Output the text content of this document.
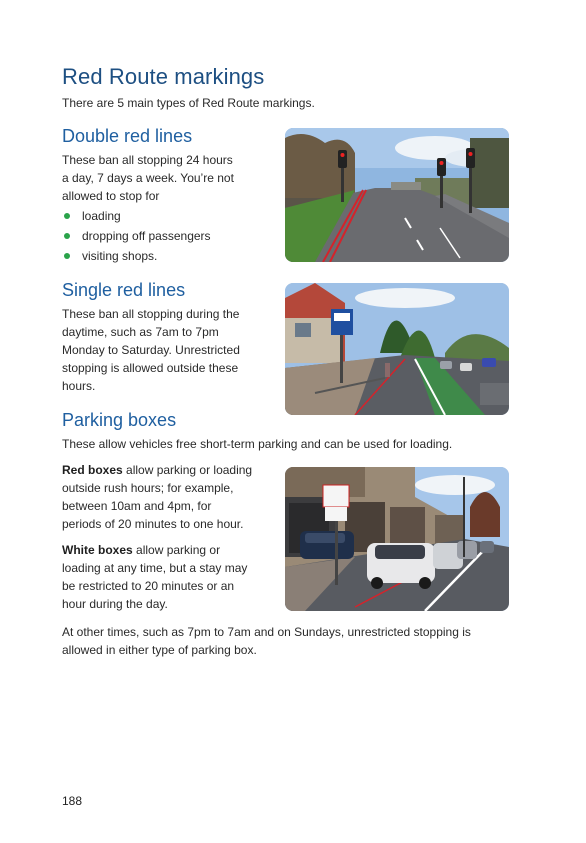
Red Route markings

There are 5 main types of Red Route markings.

Double red lines

These ban all stopping 24 hours
a day, 7 days a week. You’re not
allowed to stop for

loading
dropping off passengers
visiting shops.
Single red lines

These ban all stopping during the
daytime, such as 7am to 7pm
Monday to Saturday. Unrestricted
stopping is allowed outside these
hours.

Parking boxes

These allow vehicles free short-term parking and can be used for loading.

Red boxes allow parking or loading
outside rush hours; for example,
between 10am and 4pm, for
periods of 20 minutes to one hour.

White boxes allow parking or
loading at any time, but a stay may
be restricted to 20 minutes or an
hour during the day.

At other times, such as 7pm to 7am and on Sundays, unrestricted stopping is
allowed in either type of parking box.

188
